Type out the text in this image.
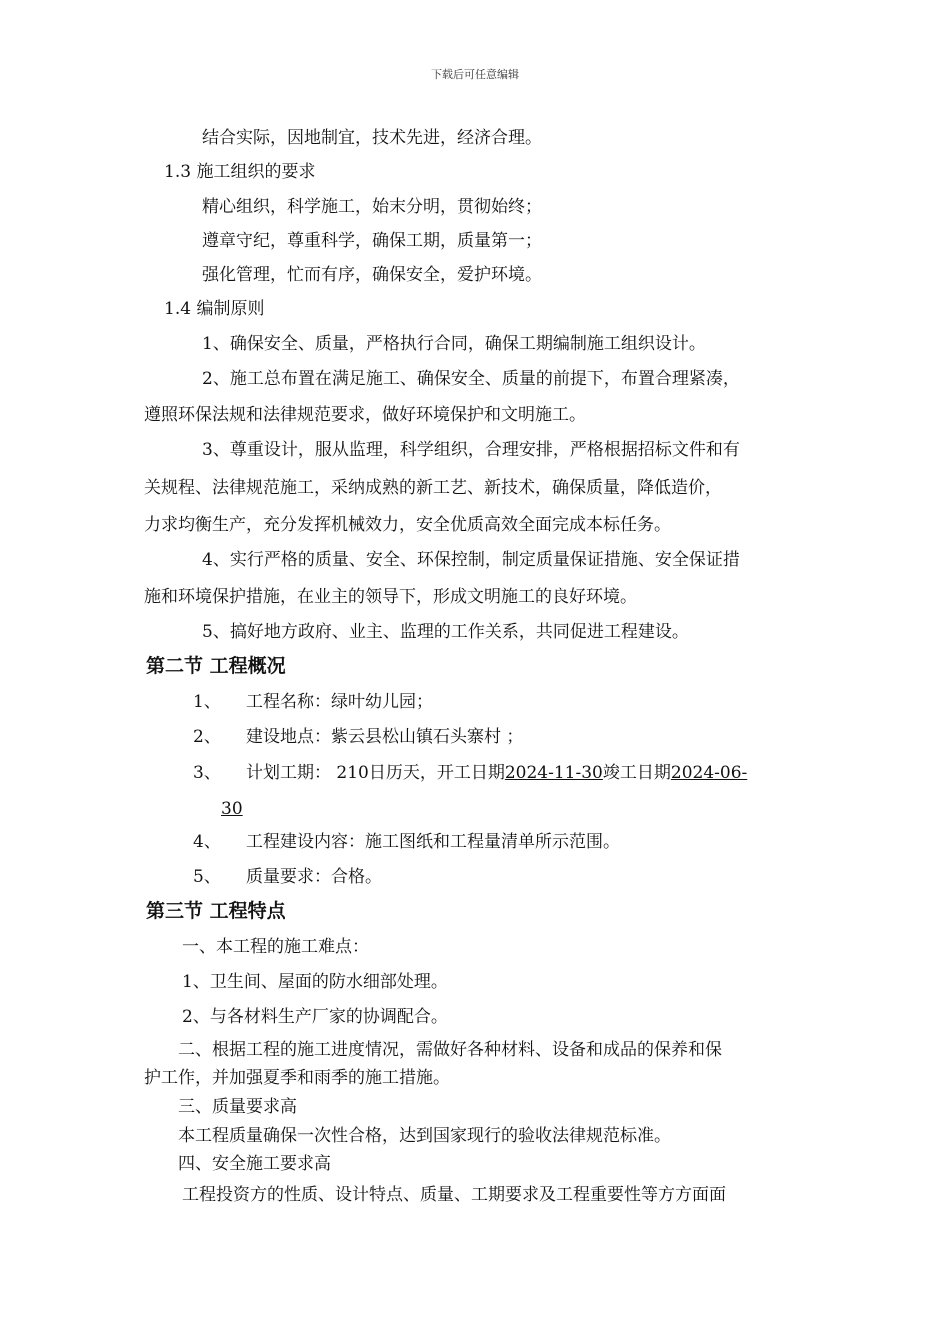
下载后可任意编辑
结合实际，因地制宜，技术先进，经济合理。
1.3 施工组织的要求
精心组织，科学施工，始末分明，贯彻始终；
遵章守纪，尊重科学，确保工期，质量第一；
强化管理，忙而有序，确保安全，爱护环境。
1.4 编制原则
1、确保安全、质量，严格执行合同，确保工期编制施工组织设计。
2、施工总布置在满足施工、确保安全、质量的前提下，布置合理紧凑，
遵照环保法规和法律规范要求，做好环境保护和文明施工。
3、尊重设计，服从监理，科学组织，合理安排，严格根据招标文件和有
关规程、法律规范施工，采纳成熟的新工艺、新技术，确保质量，降低造价，
力求均衡生产，充分发挥机械效力，安全优质高效全面完成本标任务。
4、实行严格的质量、安全、环保控制，制定质量保证措施、安全保证措
施和环境保护措施，在业主的领导下，形成文明施工的良好环境。
5、搞好地方政府、业主、监理的工作关系，共同促进工程建设。
第二节 工程概况
1、 工程名称：绿叶幼儿园；
2、 建设地点：紫云县松山镇石头寨村 ；
3、 计划工期： 210日历天，开工日期2024-11-30竣工日期2024-06-
30
4、 工程建设内容：施工图纸和工程量清单所示范围。
5、 质量要求：合格。
第三节 工程特点
一、本工程的施工难点：
1、卫生间、屋面的防水细部处理。
2、与各材料生产厂家的协调配合。
二、根据工程的施工进度情况，需做好各种材料、设备和成品的保养和保
护工作，并加强夏季和雨季的施工措施。
三、质量要求高
本工程质量确保一次性合格，达到国家现行的验收法律规范标准。
四、安全施工要求高
工程投资方的性质、设计特点、质量、工期要求及工程重要性等方方面面
